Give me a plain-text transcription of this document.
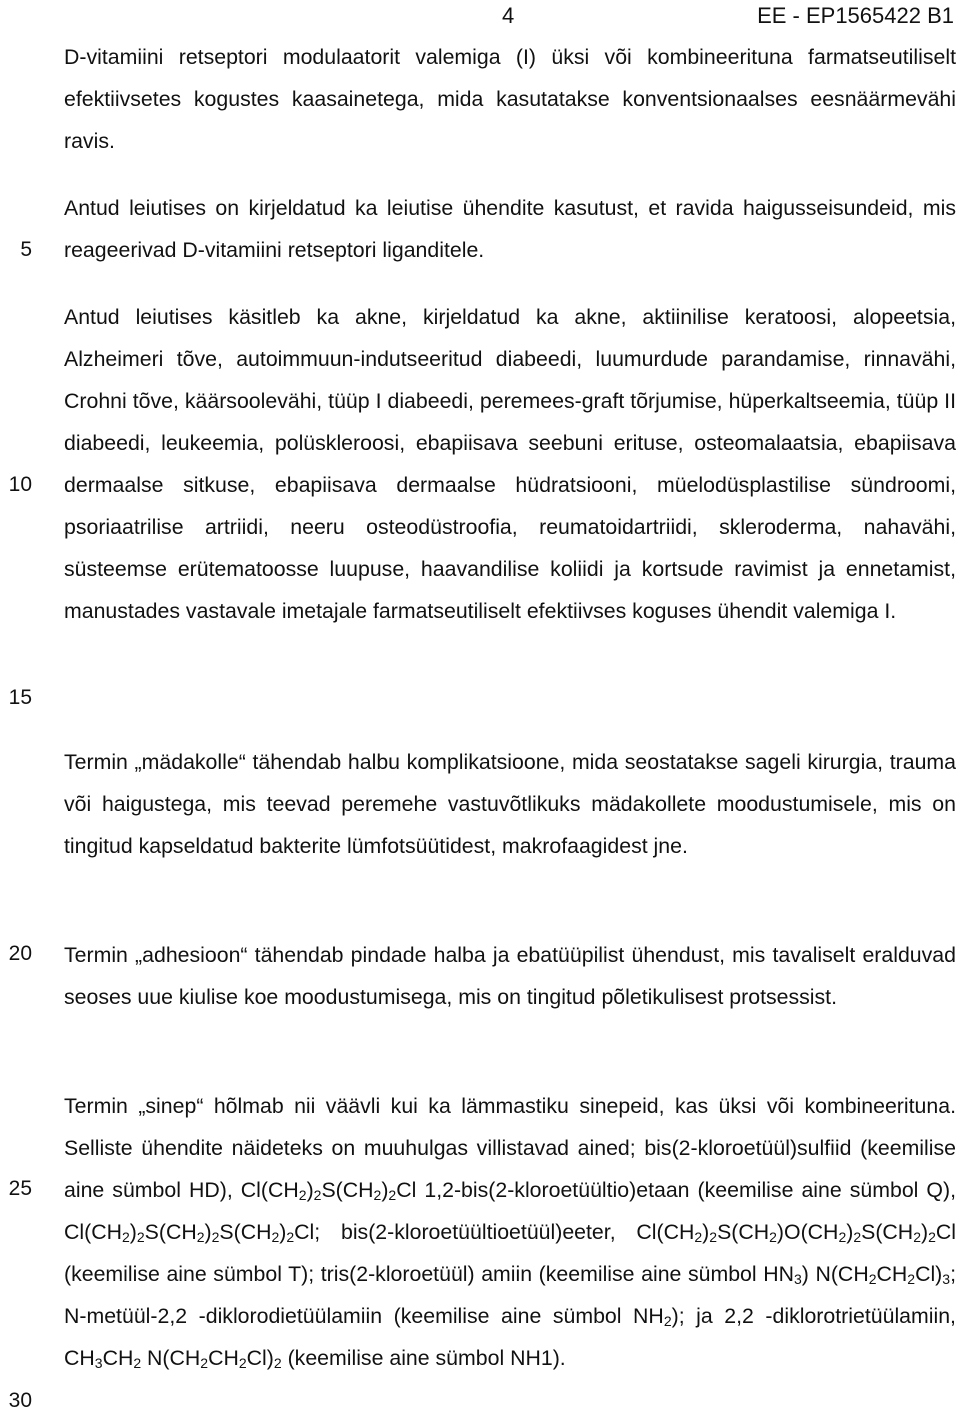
4	EE - EP1565422 B1
5
10
15
20
25
30

D-vitamiini retseptori modulaatorit valemiga (I) üksi või kombineerituna farmatseutiliselt efektiivsetes kogustes kaasainetega, mida kasutatakse konventsionaalses eesnäärmevähi ravis.

Antud leiutises on kirjeldatud ka leiutise ühendite kasutust, et ravida haigusseisundeid, mis reageerivad D-vitamiini retseptori liganditele.

Antud leiutises käsitleb ka akne, kirjeldatud ka akne, aktiinilise keratoosi, alopeetsia, Alzheimeri tõve, autoimmuun-indutseeritud diabeedi, luumurdude parandamise, rinnavähi, Crohni tõve, käärsoolevähi, tüüp I diabeedi, peremees-graft tõrjumise, hüperkaltseemia, tüüp II diabeedi, leukeemia, polüskleroosi, ebapiisava seebuni erituse, osteomalaatsia, ebapiisava dermaalse sitkuse, ebapiisava dermaalse hüdratsiooni, müelodüsplastilise sündroomi, psoriaatrilise artriidi, neeru osteodüstroofia, reumatoidartriidi, skleroderma, nahavähi, süsteemse erütematoosse luupuse, haavandilise koliidi ja kortsude ravimist ja ennetamist, manustades vastavale imetajale farmatseutiliselt efektiivses koguses ühendit valemiga I.

Termin „mädakolle“ tähendab halbu komplikatsioone, mida seostatakse sageli kirurgia, trauma või haigustega, mis teevad peremehe vastuvõtlikuks mädakollete moodustumisele, mis on tingitud kapseldatud bakterite lümfotsüütidest, makrofaagidest jne.

Termin „adhesioon“ tähendab pindade halba ja ebatüüpilist ühendust, mis tavaliselt eralduvad seoses uue kiulise koe moodustumisega, mis on tingitud põletikulisest protsessist.

Termin „sinep“ hõlmab nii väävli kui ka lämmastiku sinepeid, kas üksi või kombineerituna. Selliste ühendite näideteks on muuhulgas villistavad ained; bis(2-kloroetüül)sulfiid (keemilise aine sümbol HD), $Cl(CH_2)_2S(CH_2)_2Cl$ 1,2-bis(2-kloroetüültio)etaan (keemilise aine sümbol Q), $Cl(CH_2)_2S(CH_2)_2S(CH_2)_2Cl$; bis(2-kloroetüültioetüül)eeter, $Cl(CH_2)_2S(CH_2)O(CH_2)_2S(CH_2)_2Cl$ (keemilise aine sümbol T); tris(2-kloroetüül) amiin (keemilise aine sümbol $HN_3$) $N(CH_2CH_2Cl)_3$; N-metüül-2,2 -diklorodietüülamiin (keemilise aine sümbol $NH_2$); ja 2,2 -diklorotrietüülamiin, $CH_3CH_2$ $N(CH_2CH_2Cl)_2$ (keemilise aine sümbol NH1).
